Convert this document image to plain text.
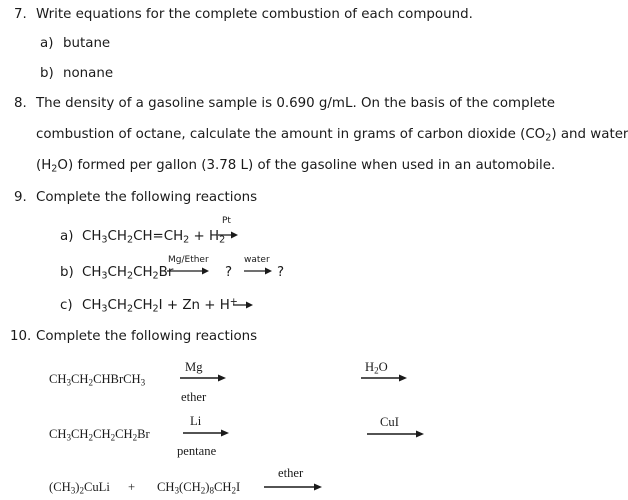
7. Write equations for the complete combustion of each compound.
a) butane
b) nonane
8. The density of a gasoline sample is 0.690 g/mL. On the basis of the complete
combustion of octane, calculate the amount in grams of carbon dioxide $(CO_2)$ and water
$(H_2O)$ formed per gallon (3.78 L) of the gasoline when used in an automobile.
9. Complete the following reactions
a) $CH_3CH_2CH=CH_2 + H_2$
Pt
b) $CH_3CH_2CH_2Br$
Mg/Ether
?
water
?
c) $CH_3CH_2CH_2I + Zn + H^+$
10. Complete the following reactions
$CH_3CH_2CHBrCH_3$
Mg
ether
$H_2O$
$CH_3CH_2CH_2CH_2Br$
Li
pentane
CuI
$(CH_3)_2CuLi + CH_3(CH_2)_8CH_2I$
ether
